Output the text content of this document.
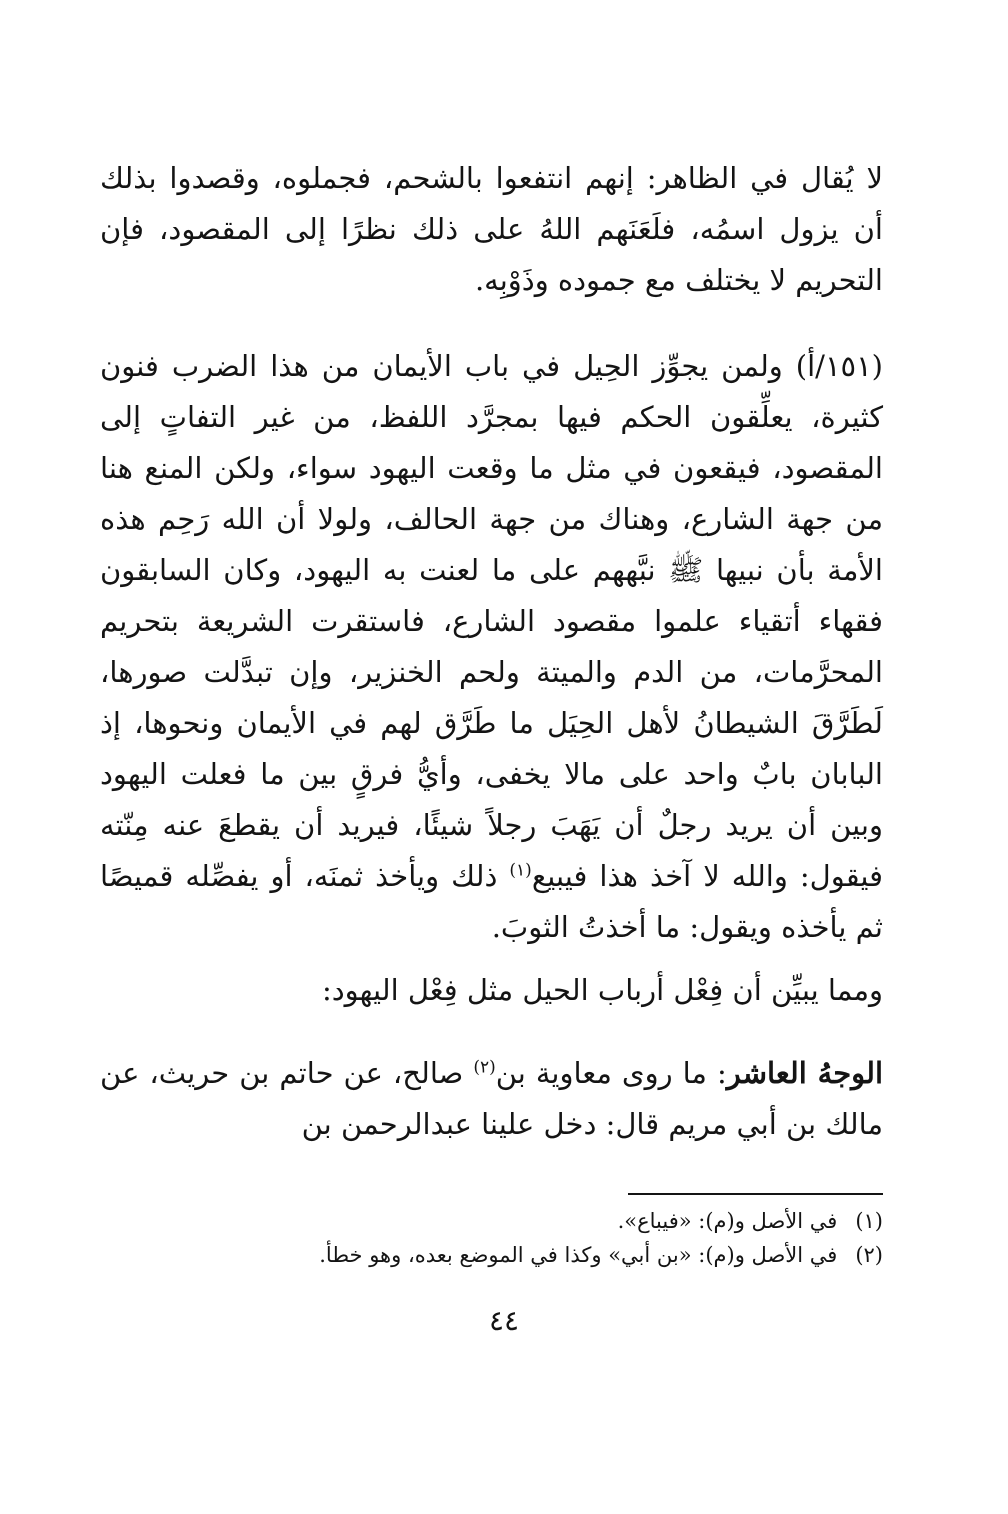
لا يُقال في الظاهر: إنهم انتفعوا بالشحم، فجملوه، وقصدوا بذلك أن يزول اسمُه، فلَعَنَهم اللهُ على ذلك نظرًا إلى المقصود، فإن التحريم لا يختلف مع جموده وذَوْبِه.

(١٥١/أ) ولمن يجوِّز الحِيل في باب الأيمان من هذا الضرب فنون كثيرة، يعلِّقون الحكم فيها بمجرَّد اللفظ، من غير التفاتٍ إلى المقصود، فيقعون في مثل ما وقعت اليهود سواء، ولكن المنع هنا من جهة الشارع، وهناك من جهة الحالف، ولولا أن الله رَحِم هذه الأمة بأن نبيها ﷺ نبَّههم على ما لعنت به اليهود، وكان السابقون فقهاء أتقياء علموا مقصود الشارع، فاستقرت الشريعة بتحريم المحرَّمات، من الدم والميتة ولحم الخنزير، وإن تبدَّلت صورها، لَطَرَّقَ الشيطانُ لأهل الحِيَل ما طَرَّق لهم في الأيمان ونحوها، إذ البابان بابٌ واحد على مالا يخفى، وأيُّ فرقٍ بين ما فعلت اليهود وبين أن يريد رجلٌ أن يَهَبَ رجلاً شيئًا، فيريد أن يقطعَ عنه مِنّته فيقول: والله لا آخذ هذا فيبيع$^{(١)}$ ذلك ويأخذ ثمنَه، أو يفصِّله قميصًا ثم يأخذه ويقول: ما أخذتُ الثوبَ.

ومما يبيِّن أن فِعْل أرباب الحيل مثل فِعْل اليهود:

الوجهُ العاشر: ما روى معاوية بن$^{(٢)}$ صالح، عن حاتم بن حريث، عن مالك بن أبي مريم قال: دخل علينا عبدالرحمن بن

(١)في الأصل و(م): «فيباع».
(٢)في الأصل و(م): «بن أبي» وكذا في الموضع بعده، وهو خطأ.
٤٤
